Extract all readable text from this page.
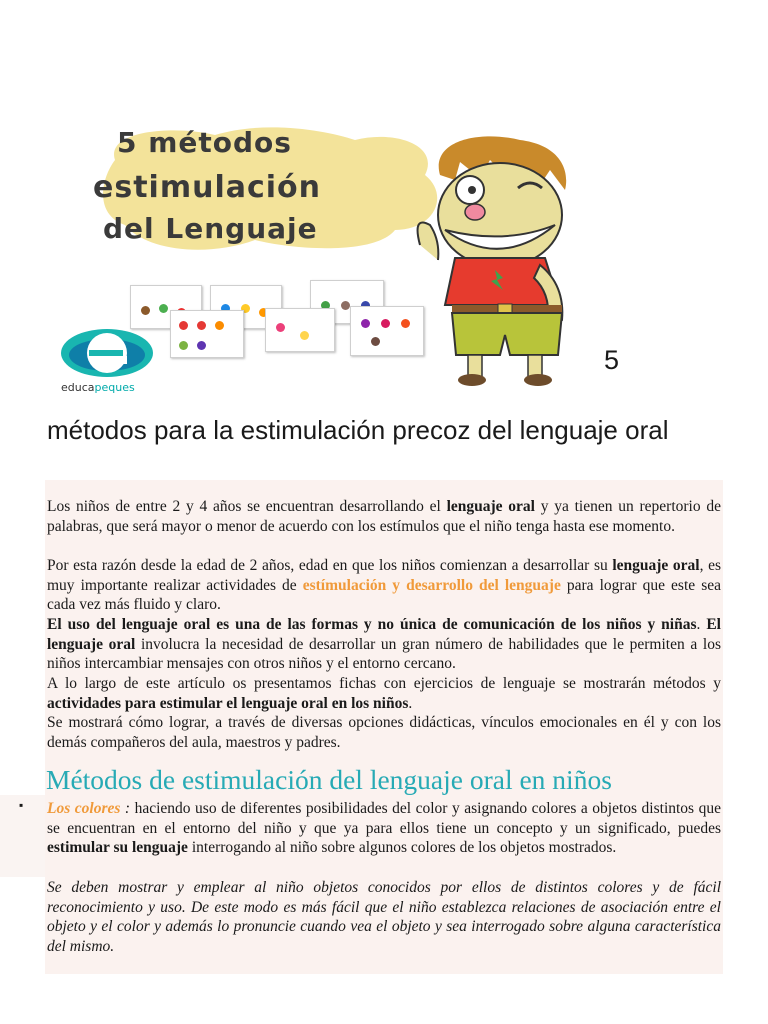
5 métodos
estimulación
del Lenguaje
educapeques
5
métodos para la estimulación precoz del lenguaje oral

Los niños de entre 2 y 4 años se encuentran desarrollando el lenguaje oral y ya tienen un repertorio de palabras, que será mayor o menor de acuerdo con los estímulos que el niño tenga hasta ese momento.

Por esta razón desde la edad de 2 años, edad en que los niños comienzan a desarrollar su lenguaje oral, es muy importante realizar actividades de estímulación y desarrollo del lenguaje para lograr que este sea cada vez más fluido y claro.

El uso del lenguaje oral es una de las formas y no única de comunicación de los niños y niñas. El lenguaje oral involucra la necesidad de desarrollar un gran número de habilidades que le permiten a los niños intercambiar mensajes con otros niños y el entorno cercano.

A lo largo de este artículo os presentamos fichas con ejercicios de lenguaje se mostrarán métodos y actividades para estimular el lenguaje oral en los niños.

Se mostrará cómo lograr, a través de diversas opciones didácticas, vínculos emocionales en él y con los demás compañeros del aula, maestros y padres.

Métodos de estimulación del lenguaje oral en niños
▪ Los colores : haciendo uso de diferentes posibilidades del color y asignando colores a objetos distintos que se encuentran en el entorno del niño y que ya para ellos tiene un concepto y un significado, puedes estimular su lenguaje interrogando al niño sobre algunos colores de los objetos mostrados.

Se deben mostrar y emplear al niño objetos conocidos por ellos de distintos colores y de fácil reconocimiento y uso. De este modo es más fácil que el niño establezca relaciones de asociación entre el objeto y el color y además lo pronuncie cuando vea el objeto y sea interrogado sobre alguna característica del mismo.
